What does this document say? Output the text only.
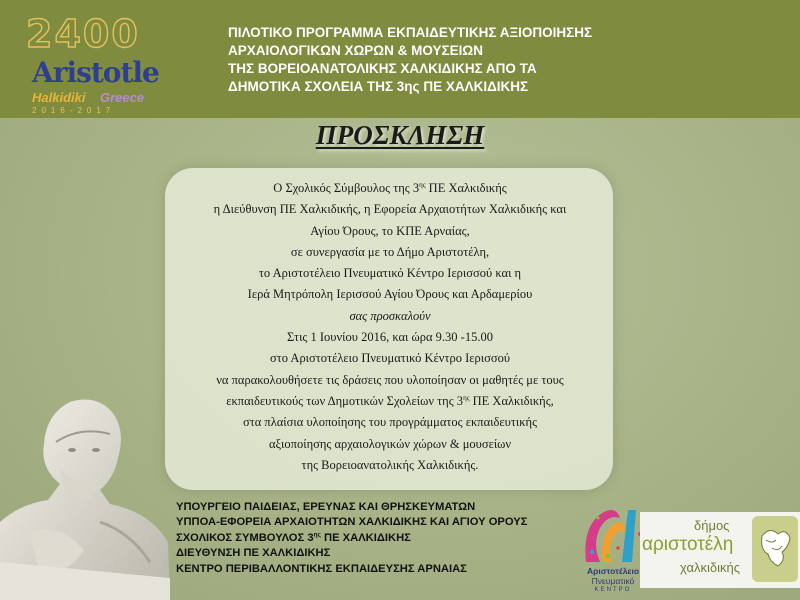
2400
Aristotle
Halkidiki Greece
2016-2017
ΠΙΛΟΤΙΚΟ ΠΡΟΓΡΑΜΜΑ ΕΚΠΑΙΔΕΥΤΙΚΗΣ ΑΞΙΟΠΟΙΗΣΗΣ
ΑΡΧΑΙΟΛΟΓΙΚΩΝ ΧΩΡΩΝ & ΜΟΥΣΕΙΩΝ
ΤΗΣ ΒΟΡΕΙΟΑΝΑΤΟΛΙΚΗΣ ΧΑΛΚΙΔΙΚΗΣ ΑΠΟ ΤΑ
ΔΗΜΟΤΙΚΑ ΣΧΟΛΕΙΑ ΤΗΣ 3ης ΠΕ ΧΑΛΚΙΔΙΚΗΣ
ΠΡΟΣΚΛΗΣΗ
Ο Σχολικός Σύμβουλος της $3^{\eta\varsigma}$ ΠΕ Χαλκιδικής
η Διεύθυνση ΠΕ Χαλκιδικής, η Εφορεία Αρχαιοτήτων Χαλκιδικής και
Αγίου Όρους, το ΚΠΕ Αρναίας,
σε συνεργασία με το Δήμο Αριστοτέλη,
το Αριστοτέλειο Πνευματικό Κέντρο Ιερισσού και η
Ιερά Μητρόπολη Ιερισσού Αγίου Όρους και Αρδαμερίου
σας προσκαλούν
Στις 1 Ιουνίου 2016, και ώρα 9.30 -15.00
στο Αριστοτέλειο Πνευματικό Κέντρο Ιερισσού
να παρακολουθήσετε τις δράσεις που υλοποίησαν οι μαθητές με τους
εκπαιδευτικούς των Δημοτικών Σχολείων της $3^{\eta\varsigma}$ ΠΕ Χαλκιδικής,
στα πλαίσια υλοποίησης του προγράμματος εκπαιδευτικής
αξιοποίησης αρχαιολογικών χώρων & μουσείων
της Βορειοανατολικής Χαλκιδικής.
ΥΠΟΥΡΓΕΙΟ ΠΑΙΔΕΙΑΣ, ΕΡΕΥΝΑΣ ΚΑΙ ΘΡΗΣΚΕΥΜΑΤΩΝ
ΥΠΠΟΑ-ΕΦΟΡΕΙΑ ΑΡΧΑΙΟΤΗΤΩΝ ΧΑΛΚΙΔΙΚΗΣ ΚΑΙ ΑΓΙΟΥ ΟΡΟΥΣ
ΣΧΟΛΙΚΟΣ ΣΥΜΒΟΥΛΟΣ $3^{\eta\varsigma}$ ΠΕ ΧΑΛΚΙΔΙΚΗΣ
ΔΙΕΥΘΥΝΣΗ ΠΕ ΧΑΛΚΙΔΙΚΗΣ
ΚΕΝΤΡΟ ΠΕΡΙΒΑΛΛΟΝΤΙΚΗΣ ΕΚΠΑΙΔΕΥΣΗΣ ΑΡΝΑΙΑΣ	Αριστοτέλειο
Πνευματικό
ΚΕΝΤΡΟ
δήμος
αριστοτέλη
χαλκιδικής
